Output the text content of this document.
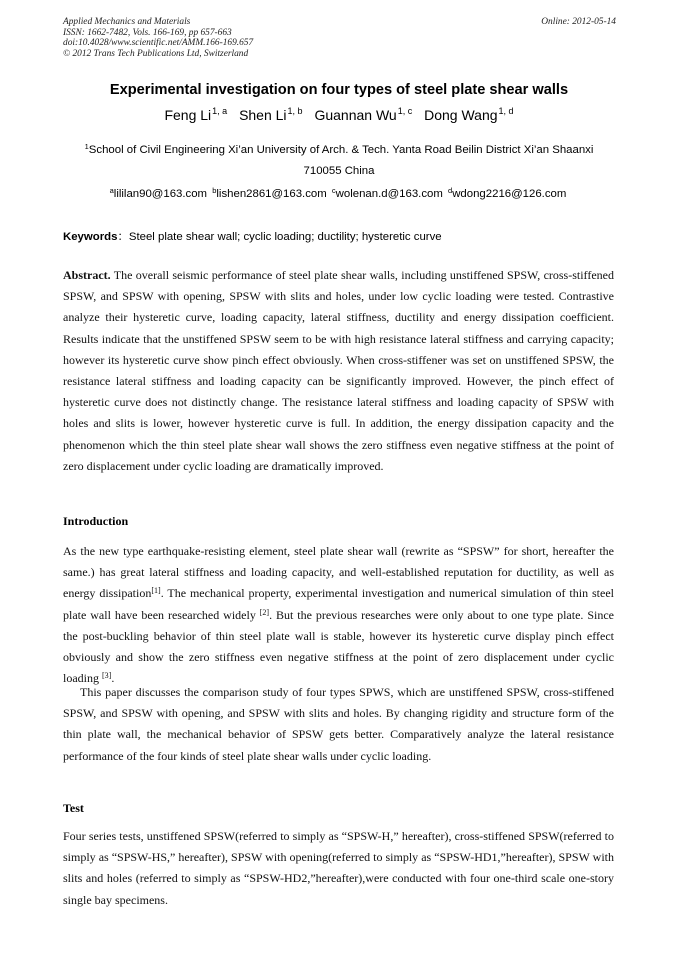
Applied Mechanics and Materials
ISSN: 1662-7482, Vols. 166-169, pp 657-663
doi:10.4028/www.scientific.net/AMM.166-169.657
© 2012 Trans Tech Publications Ltd, Switzerland
Online: 2012-05-14
Experimental investigation on four types of steel plate shear walls
Feng Li$^{1, a}$ Shen Li$^{1, b}$ Guannan Wu$^{1, c}$ Dong Wang$^{1, d}$
$^1$School of Civil Engineering Xi’an University of Arch. & Tech. Yanta Road Beilin District Xi’an Shaanxi 710055 China
$^a$lililan90@163.com $^b$lishen2861@163.com $^c$wolenan.d@163.com $^d$wdong2216@126.com
Keywords：Steel plate shear wall; cyclic loading; ductility; hysteretic curve
Abstract. The overall seismic performance of steel plate shear walls, including unstiffened SPSW, cross-stiffened SPSW, and SPSW with opening, SPSW with slits and holes, under low cyclic loading were tested. Contrastive analyze their hysteretic curve, loading capacity, lateral stiffness, ductility and energy dissipation coefficient. Results indicate that the unstiffened SPSW seem to be with high resistance lateral stiffness and carrying capacity; however its hysteretic curve show pinch effect obviously. When cross-stiffener was set on unstiffened SPSW, the resistance lateral stiffness and loading capacity can be significantly improved. However, the pinch effect of hysteretic curve does not distinctly change. The resistance lateral stiffness and loading capacity of SPSW with holes and slits is lower, however hysteretic curve is full. In addition, the energy dissipation capacity and the phenomenon which the thin steel plate shear wall shows the zero stiffness even negative stiffness at the point of zero displacement under cyclic loading are dramatically improved.
Introduction
As the new type earthquake-resisting element, steel plate shear wall (rewrite as “SPSW” for short, hereafter the same.) has great lateral stiffness and loading capacity, and well-established reputation for ductility, as well as energy dissipation[1]. The mechanical property, experimental investigation and numerical simulation of thin steel plate wall have been researched widely [2]. But the previous researches were only about to one type plate. Since the post-buckling behavior of thin steel plate wall is stable, however its hysteretic curve display pinch effect obviously and show the zero stiffness even negative stiffness at the point of zero displacement under cyclic loading [3].
This paper discusses the comparison study of four types SPWS, which are unstiffened SPSW, cross-stiffened SPSW, and SPSW with opening, and SPSW with slits and holes. By changing rigidity and structure form of the thin plate wall, the mechanical behavior of SPSW gets better. Comparatively analyze the lateral resistance performance of the four kinds of steel plate shear walls under cyclic loading.
Test
Four series tests, unstiffened SPSW(referred to simply as “SPSW-H,” hereafter), cross-stiffened SPSW(referred to simply as “SPSW-HS,” hereafter), SPSW with opening(referred to simply as “SPSW-HD1,”hereafter), SPSW with slits and holes (referred to simply as “SPSW-HD2,”hereafter),were conducted with four one-third scale one-story single bay specimens.
